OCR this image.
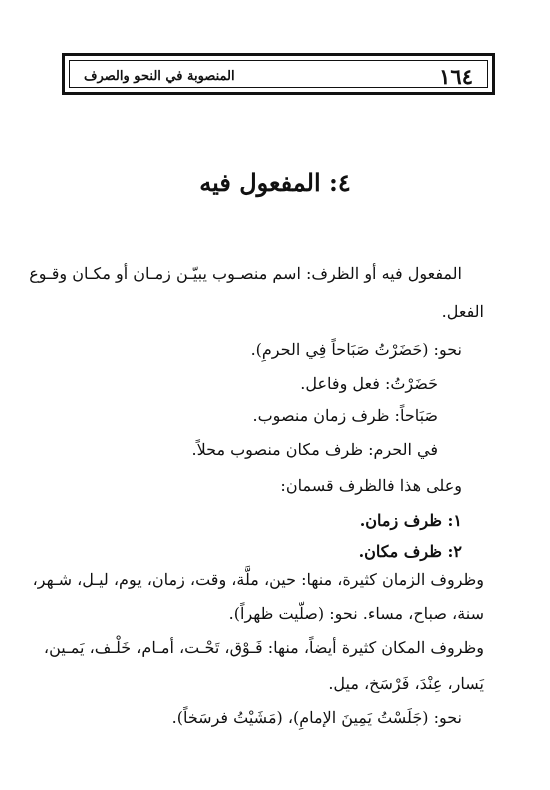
١٦٤
المنصوبة في النحو والصرف
٤: المفعول فيه
المفعول فيه أو الظرف: اسم منصـوب يبيّـن زمـان أو مكـان وقـوع
الفعل.
نحو: (حَضَرْتُ صَبَاحاً فِي الحرمِ).
حَضَرْتُ: فعل وفاعل.
صَبَاحاً: ظرف زمان منصوب.
في الحرم: ظرف مكان منصوب محلاً.
وعلى هذا فالظرف قسمان:
١: ظرف زمان.
٢: ظرف مكان.
وظروف الزمان كثيرة، منها: حين، ملَّة، وقت، زمان، يوم، ليـل، شـهر،
سنة، صباح، مساء. نحو: (صلّيت ظهراً).
وظروف المكان كثيرة أيضاً، منها: فَـوْق، تَحْـت، أمـام، خَلْـف، يَمـين،
يَسار، عِنْدَ، فَرْسَخ، ميل.
نحو: (جَلَسْتُ يَمِينَ الإمامِ)، (مَشَيْتُ فرسَخاً).
